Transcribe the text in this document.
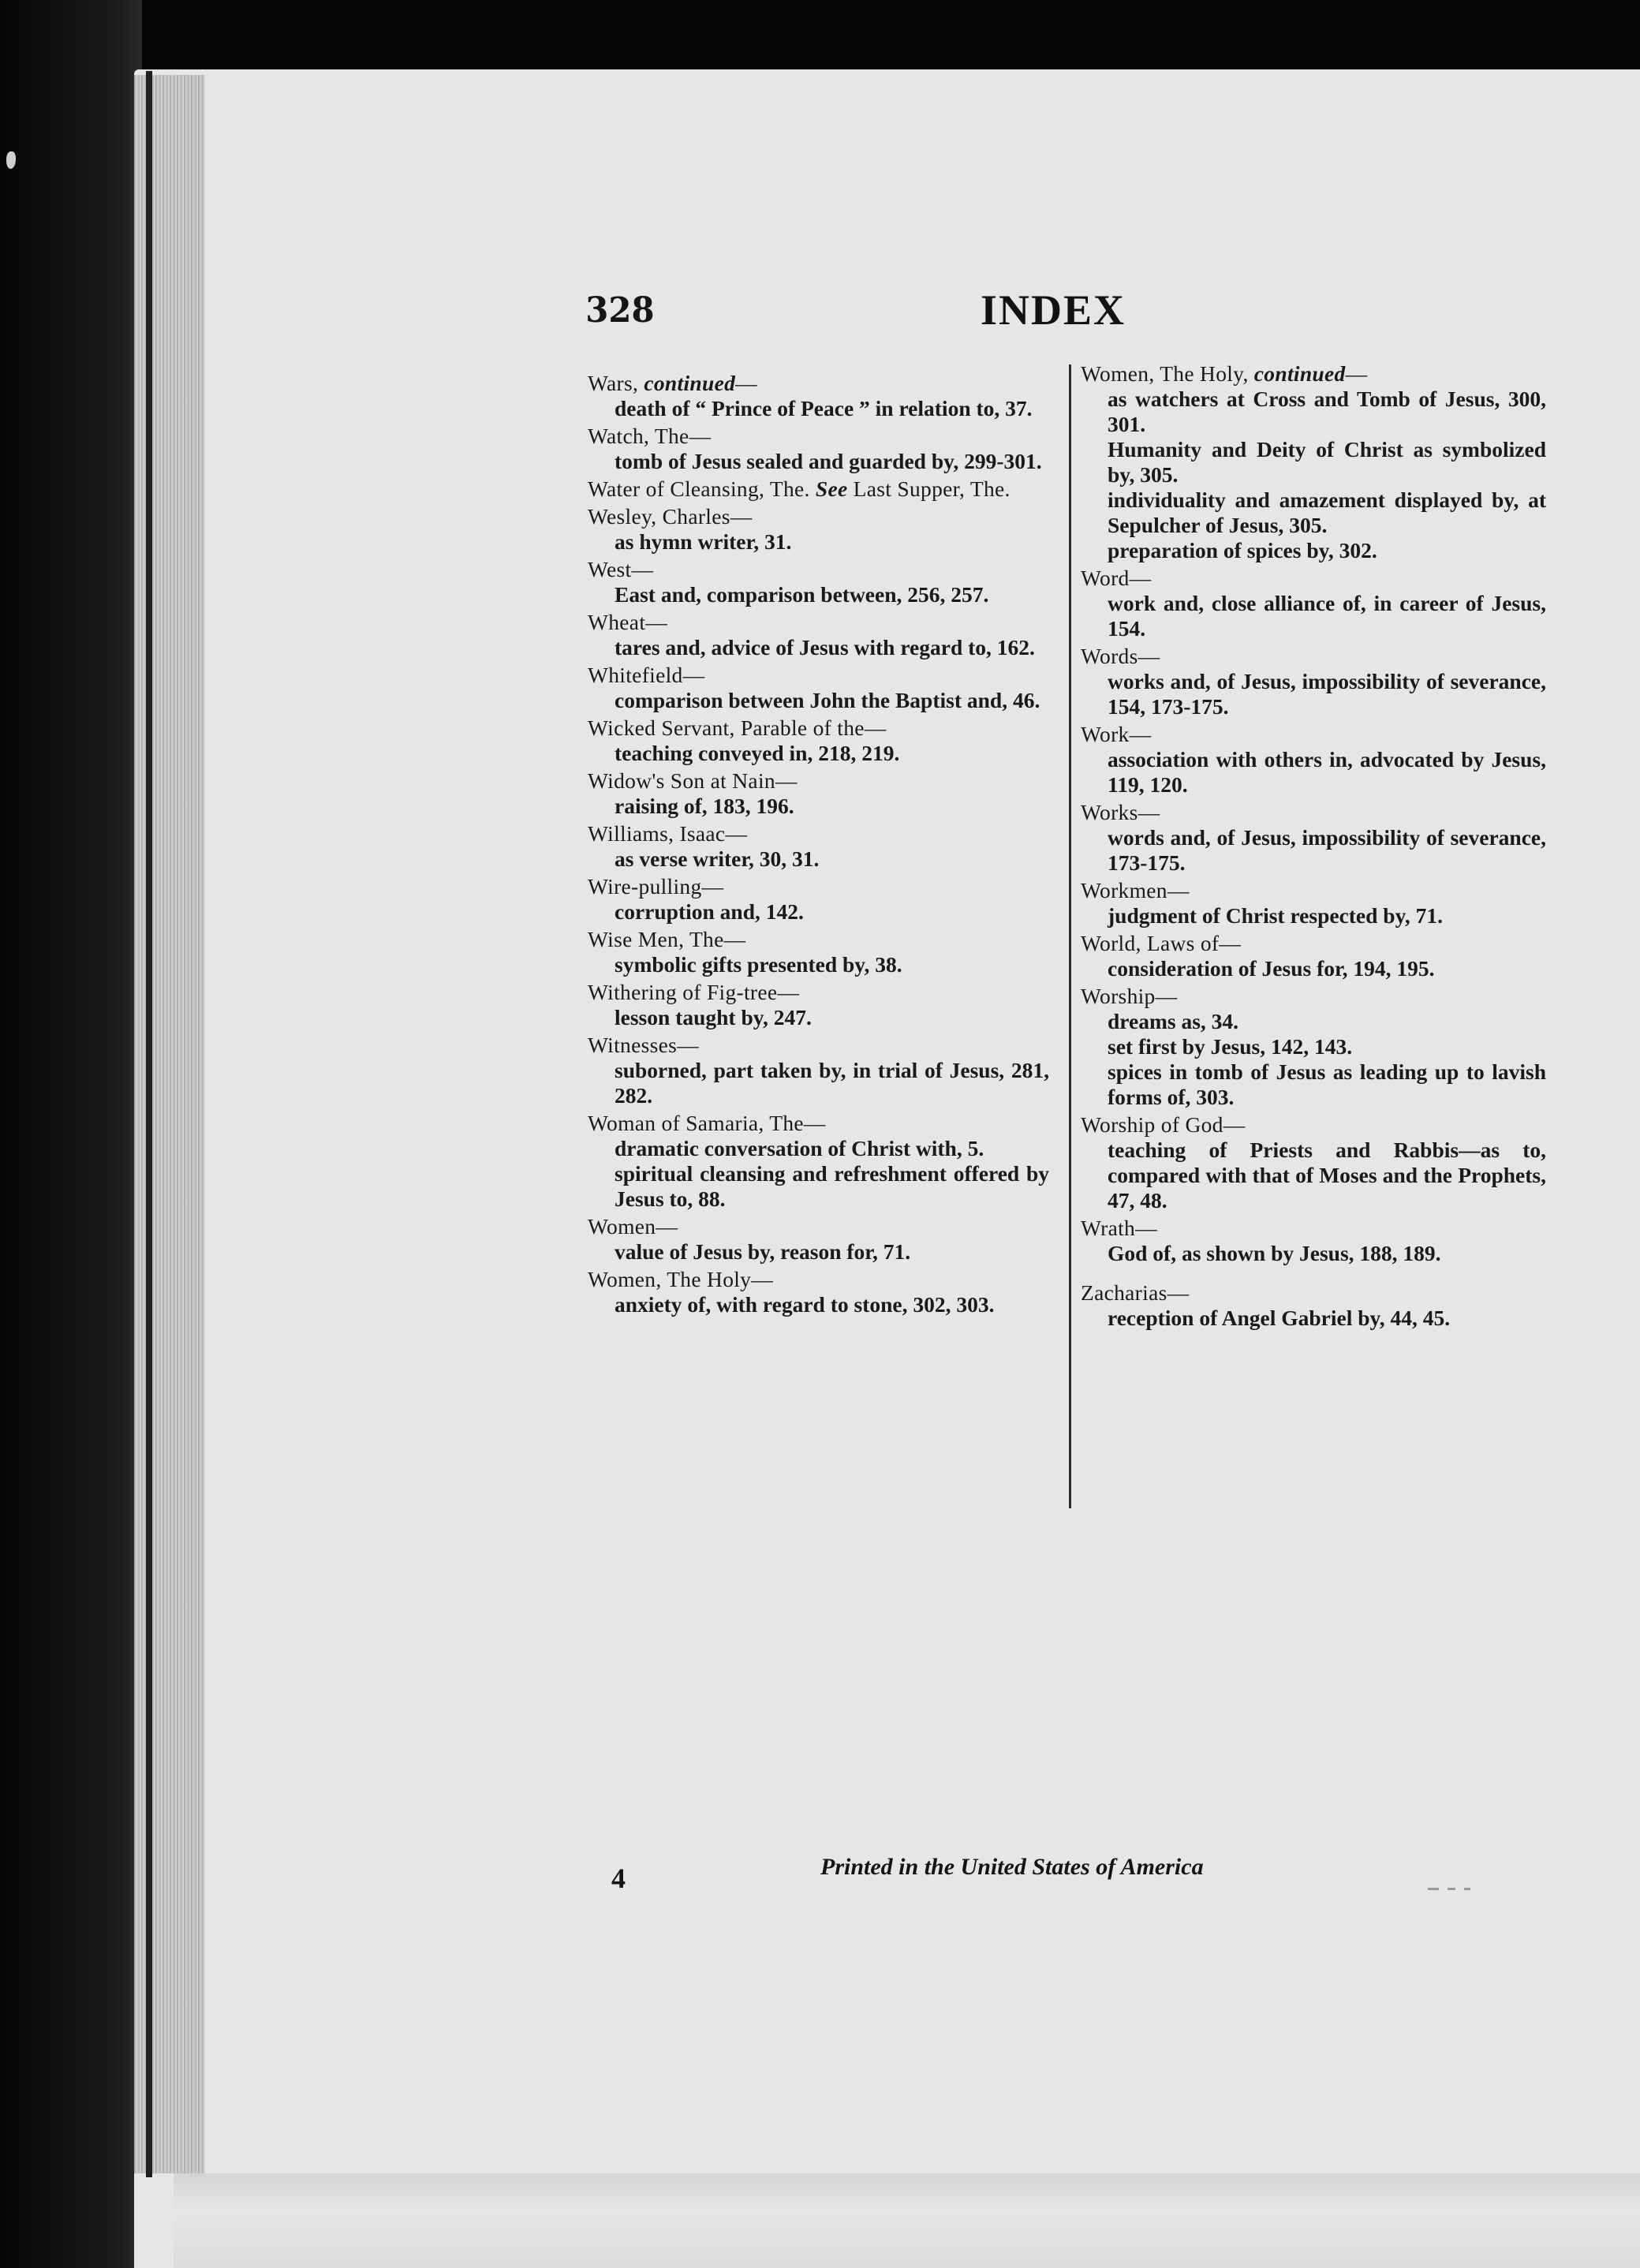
328	INDEX
Wars, continued—
death of “ Prince of Peace ” in relation to, 37.
Watch, The—
tomb of Jesus sealed and guarded by, 299-301.
Water of Cleansing, The. See Last Supper, The.
Wesley, Charles—
as hymn writer, 31.
West—
East and, comparison between, 256, 257.
Wheat—
tares and, advice of Jesus with regard to, 162.
Whitefield—
comparison between John the Baptist and, 46.
Wicked Servant, Parable of the—
teaching conveyed in, 218, 219.
Widow's Son at Nain—
raising of, 183, 196.
Williams, Isaac—
as verse writer, 30, 31.
Wire-pulling—
corruption and, 142.
Wise Men, The—
symbolic gifts presented by, 38.
Withering of Fig-tree—
lesson taught by, 247.
Witnesses—
suborned, part taken by, in trial of Jesus, 281, 282.
Woman of Samaria, The—
dramatic conversation of Christ with, 5.
spiritual cleansing and refreshment offered by Jesus to, 88.
Women—
value of Jesus by, reason for, 71.
Women, The Holy—
anxiety of, with regard to stone, 302, 303.
Women, The Holy, continued—
as watchers at Cross and Tomb of Jesus, 300, 301.
Humanity and Deity of Christ as symbolized by, 305.
individuality and amazement displayed by, at Sepulcher of Jesus, 305.
preparation of spices by, 302.
Word—
work and, close alliance of, in career of Jesus, 154.
Words—
works and, of Jesus, impossibility of severance, 154, 173-175.
Work—
association with others in, advocated by Jesus, 119, 120.
Works—
words and, of Jesus, impossibility of severance, 173-175.
Workmen—
judgment of Christ respected by, 71.
World, Laws of—
consideration of Jesus for, 194, 195.
Worship—
dreams as, 34.
set first by Jesus, 142, 143.
spices in tomb of Jesus as leading up to lavish forms of, 303.
Worship of God—
teaching of Priests and Rabbis—as to, compared with that of Moses and the Prophets, 47, 48.
Wrath—
God of, as shown by Jesus, 188, 189.
Zacharias—
reception of Angel Gabriel by, 44, 45.
4	Printed in the United States of America
